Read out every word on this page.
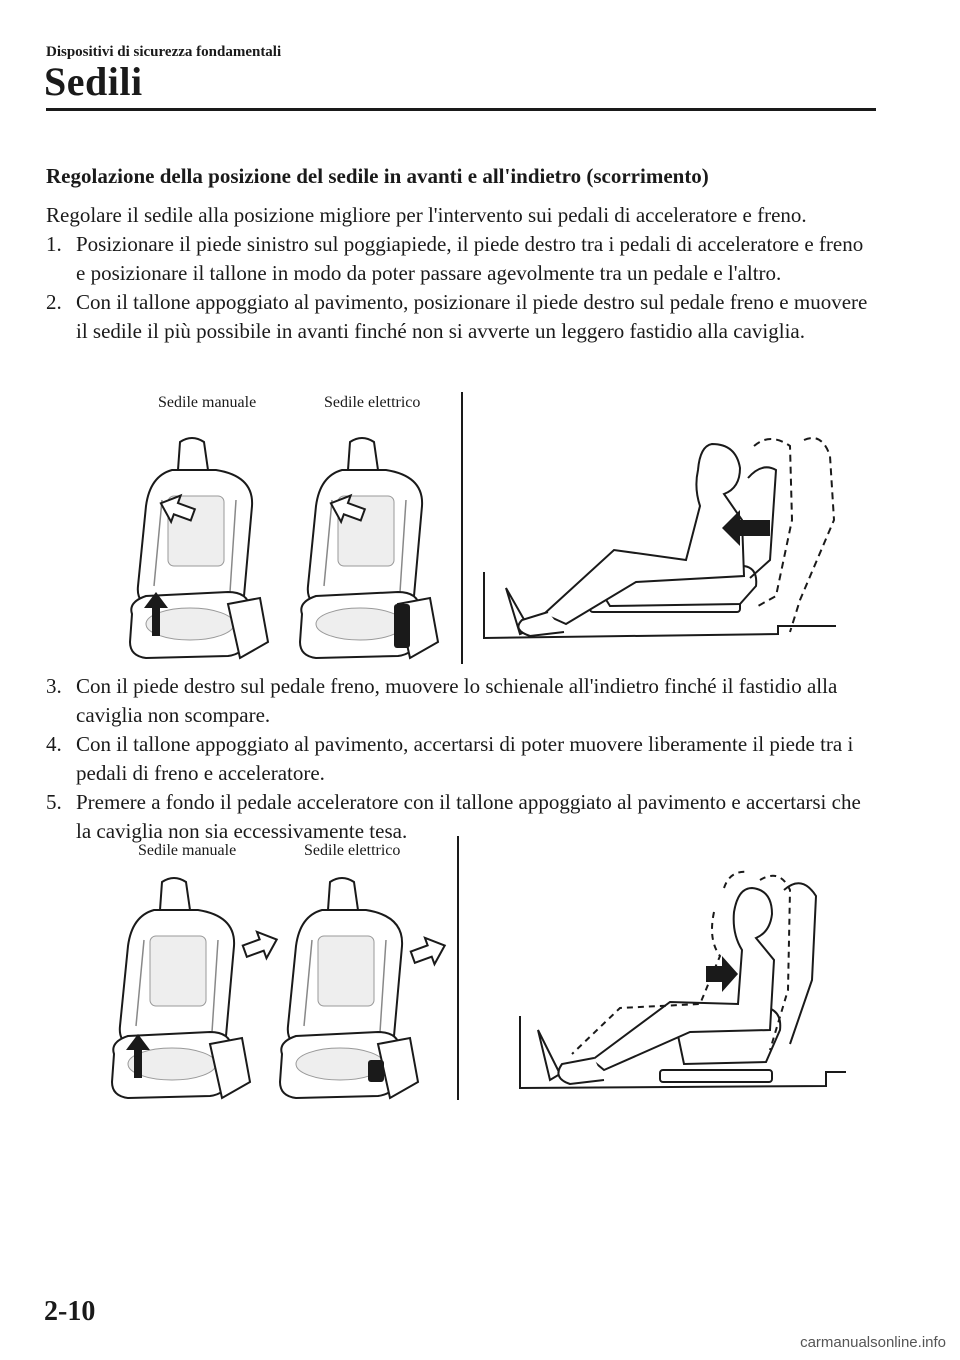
Dispositivi di sicurezza fondamentali
Sedili
Regolazione della posizione del sedile in avanti e all'indietro (scorrimento)
Regolare il sedile alla posizione migliore per l'intervento sui pedali di acceleratore e freno.
1. Posizionare il piede sinistro sul poggiapiede, il piede destro tra i pedali di acceleratore e freno e posizionare il tallone in modo da poter passare agevolmente tra un pedale e l'altro.
2. Con il tallone appoggiato al pavimento, posizionare il piede destro sul pedale freno e muovere il sedile il più possibile in avanti finché non si avverte un leggero fastidio alla caviglia.
Sedile manuale	Sedile elettrico
3. Con il piede destro sul pedale freno, muovere lo schienale all'indietro finché il fastidio alla caviglia non scompare.
4. Con il tallone appoggiato al pavimento, accertarsi di poter muovere liberamente il piede tra i pedali di freno e acceleratore.
5. Premere a fondo il pedale acceleratore con il tallone appoggiato al pavimento e accertarsi che la caviglia non sia eccessivamente tesa.
Sedile manuale	Sedile elettrico
2-10
carmanualsonline.info
